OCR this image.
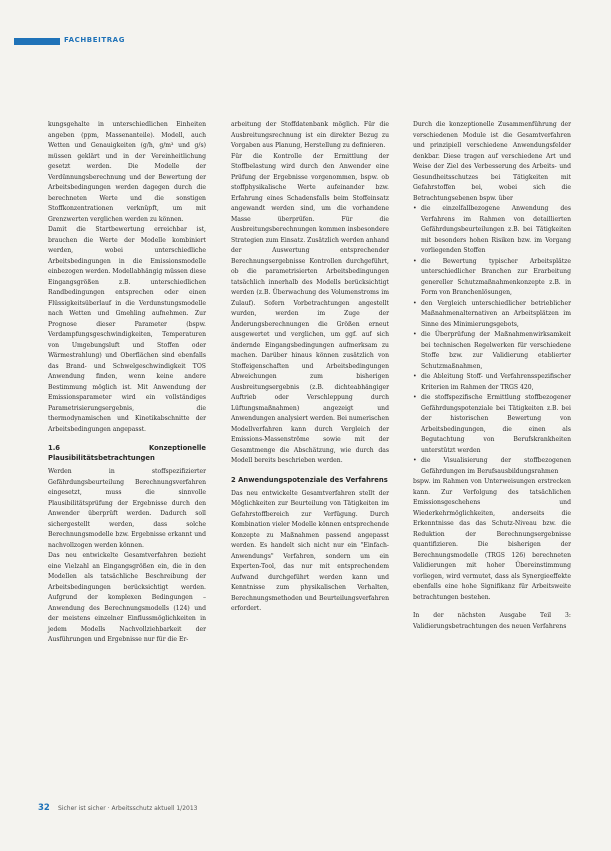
FACHBEITRAG

kungsgehalte in unterschiedlichen Einheiten angeben (ppm, Massenanteile). Modell, auch Wetten und Genauigkeiten (g/h, g/m³ und g/s) müssen geklärt und in der Vereinheitlichung gesetzt werden. Die Modelle der Verdünnungsberechnung und der Bewertung der Arbeitsbedingungen werden dagegen durch die berechneten Werte und die sonstigen Stoffkonzentrationen verknüpft, um mit Grenzwerten verglichen werden zu können.

Damit die Startbewertung erreichbar ist, brauchen die Werte der Modelle kombiniert werden, wobei unterschiedliche Arbeitsbedingungen in die Emissionsmodelle einbezogen werden. Modellabhängig müssen diese Eingangsgrößen z.B. unterschiedlichen Randbedingungen entsprechen oder einen Flüssigkeitsüberlauf in die Verdunstungsmodelle nach Wetten und Gmehling aufnehmen. Zur Prognose dieser Parameter (bspw. Verdampfungsgeschwindigkeiten, Temperaturen von Umgebungsluft und Stoffen oder Wärmestrahlung) und Oberflächen sind ebenfalls das Brand- und Schwelgeschwindigkeit TOS Anwendung finden, wenn keine andere Bestimmung möglich ist. Mit Anwendung der Emissionsparameter wird ein vollständiges Parametrisierungsergebnis, die thermodynamischen und Kinetikabschnitte der Arbeitsbedingungen angepasst.

1.6 Konzeptionelle Plausibilitätsbetrachtungen

Werden in stoffspezifizierter Gefährdungsbeurteilung Berechnungsverfahren eingesetzt, muss die sinnvolle Plausibilitätsprüfung der Ergebnisse durch den Anwender überprüft werden. Dadurch soll sichergestellt werden, dass solche Berechnungsmodelle bzw. Ergebnisse erkannt und nachvollzogen werden können.

Das neu entwickelte Gesamtverfahren bezieht eine Vielzahl an Eingangsgrößen ein, die in den Modellen als tatsächliche Beschreibung der Arbeitsbedingungen berücksichtigt werden. Aufgrund der komplexen Bedingungen – Anwendung des Berechnungsmodells (124) und der meistens einzelner Einflussmöglichkeiten in jedem Modells Nachvollziehbarkeit der Ausführungen und Ergebnisse nur für die Er-

arbeitung der Stoffdatenbank möglich. Für die Ausbreitungsrechnung ist ein direkter Bezug zu Vorgaben aus Planung, Herstellung zu definieren.

Für die Kontrolle der Ermittlung der Stoffbelastung wird durch den Anwender eine Prüfung der Ergebnisse vorgenommen, bspw. ob stoffphysikalische Werte aufeinander bzw. Erfahrung eines Schadensfalls beim Stoffeinsatz angewandt werden sind, um die vorhandene Masse überprüfen. Für die Ausbreitungsberechnungen kommen insbesondere Strategien zum Einsatz. Zusätzlich werden anhand der Auswertung entsprechender Berechnungsergebnisse Kontrollen durchgeführt, ob die parametrisierten Arbeitsbedingungen tatsächlich innerhalb des Modells berücksichtigt werden (z.B. Überwachung des Volumenstroms im Zulauf). Sofern Vorbetrachtungen angestellt wurden, werden im Zuge der Änderungsberechnungen die Größen erneut ausgewertet und verglichen, um ggf. auf sich ändernde Eingangsbedingungen aufmerksam zu machen. Darüber hinaus können zusätzlich von Stoffeigenschaften und Arbeitsbedingungen Abweichungen zum bisherigen Ausbreitungsergebnis (z.B. dichteabhängiger Auftrieb oder Verschleppung durch Lüftungsmaßnahmen) angezeigt und Anwendungen analysiert werden. Bei numerischen Modellverfahren kann durch Vergleich der Emissions-Massenströme sowie mit der Gesamtmenge die Abschätzung, wie durch das Modell bereits beschrieben werden.

2 Anwendungspotenziale des Verfahrens

Das neu entwickelte Gesamtverfahren stellt der Möglichkeiten zur Beurteilung von Tätigkeiten im Gefahrstoffbereich zur Verfügung. Durch Kombination vieler Modelle können entsprechende Konzepte zu Maßnahmen passend angepasst werden. Es handelt sich nicht nur ein "Einfach-Anwendungs" Verfahren, sondern um ein Experten-Tool, das nur mit entsprechendem Aufwand durchgeführt werden kann und Kenntnisse zum physikalischen Verhalten, Berechnungsmethoden und Beurteilungsverfahren erfordert.

Durch die konzeptionelle Zusammenführung der verschiedenen Module ist die Gesamtverfahren und prinzipiell verschiedene Anwendungsfelder denkbar. Diese tragen auf verschiedene Art und Weise der Ziel des Verbesserung des Arbeits- und Gesundheitsschutzes bei Tätigkeiten mit Gefahrstoffen bei, wobei sich die Betrachtungsebenen bspw. über

• die einzelfallbezogene Anwendung des Verfahrens im Rahmen von detaillierten Gefährdungsbeurteilungen z.B. bei Tätigkeiten mit besonders hohen Risiken bzw. im Vorgang vorliegenden Stoffen
• die Bewertung typischer Arbeitsplätze unterschiedlicher Branchen zur Erarbeitung genereller Schutzmaßnahmenkonzepte z.B. in Form von Branchenlösungen,
• den Vergleich unterschiedlicher betrieblicher Maßnahmenalternativen an Arbeitsplätzen im Sinne des Minimierungsgebots,
• die Überprüfung der Maßnahmenwirksamkeit bei technischen Regelwerken für verschiedene Stoffe bzw. zur Validierung etablierter Schutzmaßnahmen,
• die Ableitung Stoff- und Verfahrensspezifischer Kriterien im Rahmen der TRGS 420,
• die stoffspezifische Ermittlung stoffbezogener Gefährdungspotenziale bei Tätigkeiten z.B. bei der historischen Bewertung von Arbeitsbedingungen, die einen als Begutachtung von Berufskrankheiten unterstützt werden
• die Visualisierung der stoffbezogenen Gefährdungen im Berufsausbildungsrahmen

bspw. im Rahmen von Unterweisungen erstrecken kann. Zur Verfolgung des tatsächlichen Emissionsgeschehens und Wiederkehrmöglichkeiten, anderseits die Erkenntnisse das das Schutz-Niveau bzw. die Reduktion der Berechnungsergebnisse quantifizieren. Die bisherigen der Berechnungsmodelle (TRGS 126) berechneten Validierungen mit hoher Übereinstimmung vorliegen, wird vermutet, dass als Synergieeffekte ebenfalls eine hohe Signifikanz für Arbeitsweite betrachtungen bestehen.

In der nächsten Ausgabe Teil 3: Validierungsbetrachtungen des neuen Verfahrens

32 Sicher ist sicher · Arbeitsschutz aktuell 1/2013
